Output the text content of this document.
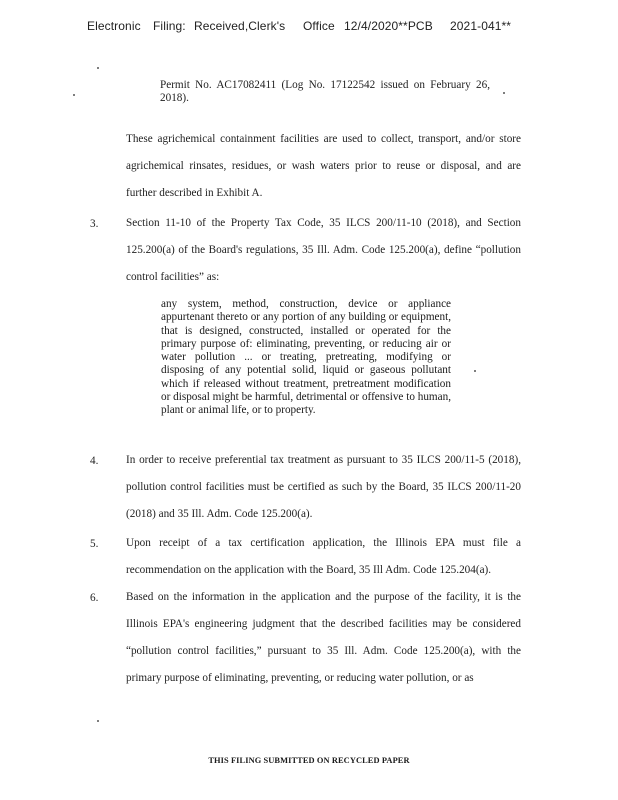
Electronic

Filing:

Received,Clerk's

Office

12/4/2020**PCB

2021-041**

Permit No. AC17082411 (Log No. 17122542 issued on February 26, 2018).
These agrichemical containment facilities are used to collect, transport, and/or store agrichemical rinsates, residues, or wash waters prior to reuse or disposal, and are further described in Exhibit A.
3. Section 11-10 of the Property Tax Code, 35 ILCS 200/11-10 (2018), and Section 125.200(a) of the Board's regulations, 35 Ill. Adm. Code 125.200(a), define “pollution control facilities” as:
any system, method, construction, device or appliance appurtenant thereto or any portion of any building or equipment, that is designed, constructed, installed or operated for the primary purpose of: eliminating, preventing, or reducing air or water pollution ... or treating, pretreating, modifying or disposing of any potential solid, liquid or gaseous pollutant which if released without treatment, pretreatment modification or disposal might be harmful, detrimental or offensive to human, plant or animal life, or to property.
4. In order to receive preferential tax treatment as pursuant to 35 ILCS 200/11-5 (2018), pollution control facilities must be certified as such by the Board, 35 ILCS 200/11-20 (2018) and 35 Ill. Adm. Code 125.200(a).
5. Upon receipt of a tax certification application, the Illinois EPA must file a recommendation on the application with the Board, 35 Ill Adm. Code 125.204(a).
6. Based on the information in the application and the purpose of the facility, it is the Illinois EPA's engineering judgment that the described facilities may be considered “pollution control facilities,” pursuant to 35 Ill. Adm. Code 125.200(a), with the primary purpose of eliminating, preventing, or reducing water pollution, or as
THIS FILING SUBMITTED ON RECYCLED PAPER
